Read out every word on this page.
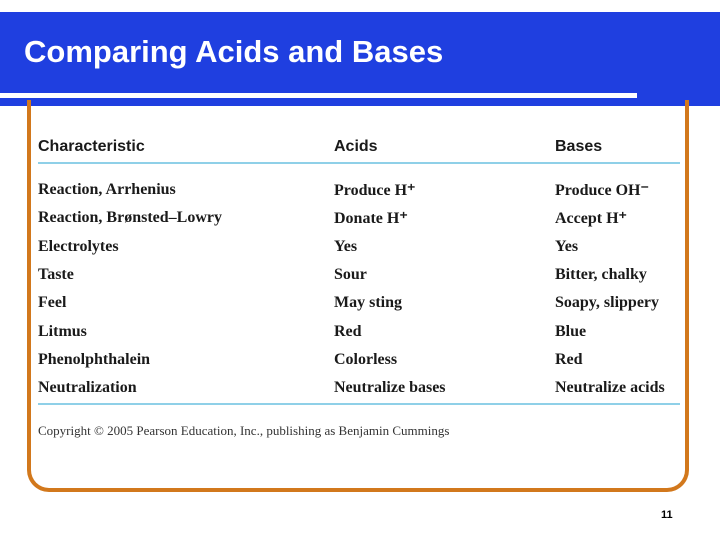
Comparing Acids and Bases
Characteristic	Acids	Bases
Reaction, Arrhenius	Produce H⁺	Produce OH⁻
Reaction, Brønsted–Lowry	Donate H⁺	Accept H⁺
Electrolytes	Yes	Yes
Taste	Sour	Bitter, chalky
Feel	May sting	Soapy, slippery
Litmus	Red	Blue
Phenolphthalein	Colorless	Red
Neutralization	Neutralize bases	Neutralize acids
Copyright © 2005 Pearson Education, Inc., publishing as Benjamin Cummings
11
